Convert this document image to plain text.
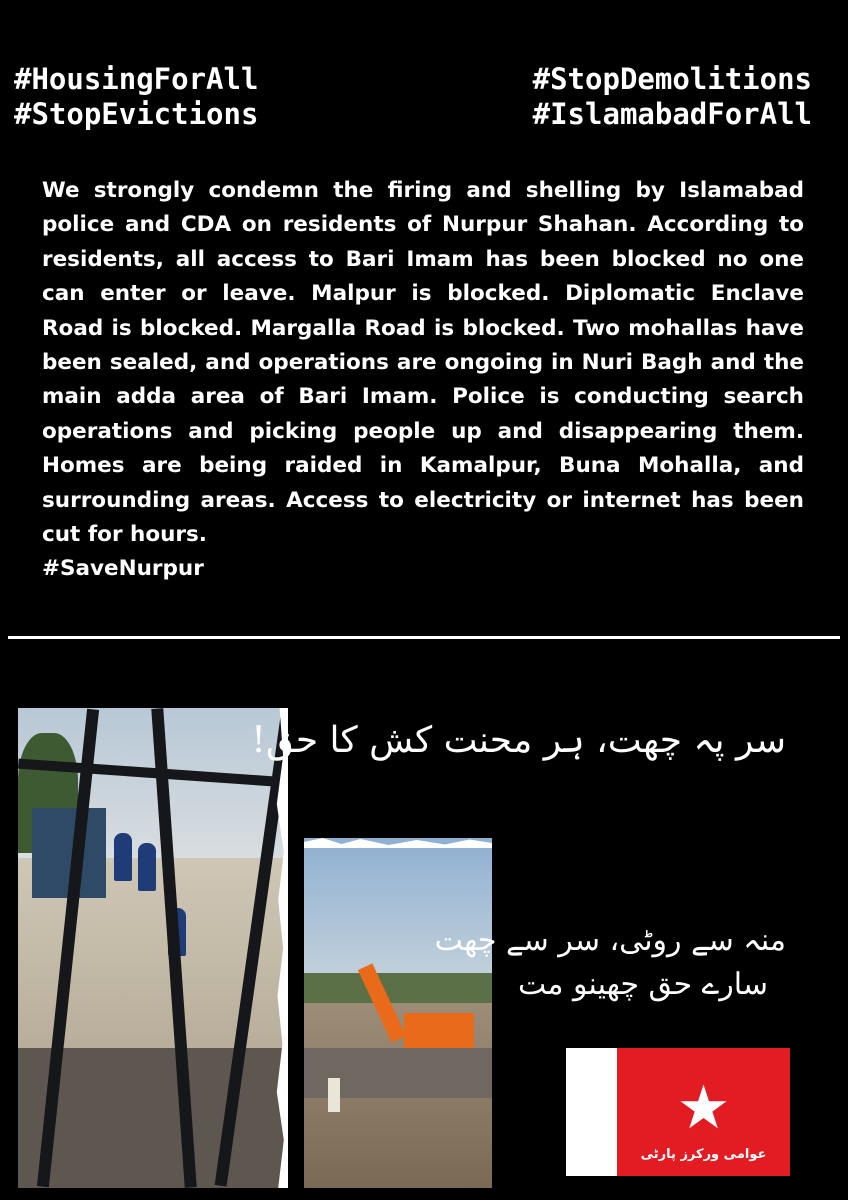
#HousingForAll
#StopEvictions
#StopDemolitions
#IslamabadForAll
We strongly condemn the firing and shelling by Islamabad police and CDA on residents of Nurpur Shahan. According to residents, all access to Bari Imam has been blocked no one can enter or leave. Malpur is blocked. Diplomatic Enclave Road is blocked. Margalla Road is blocked. Two mohallas have been sealed, and operations are ongoing in Nuri Bagh and the main adda area of Bari Imam. Police is conducting search operations and picking people up and disappearing them. Homes are being raided in Kamalpur, Buna Mohalla, and surrounding areas. Access to electricity or internet has been cut for hours.
#SaveNurpur
سر پہ چھت، ہر محنت کش کا حق!
منہ سے روٹی، سر سے چھت
سارے حق چھینو مت
★
عوامی ورکرز پارٹی
